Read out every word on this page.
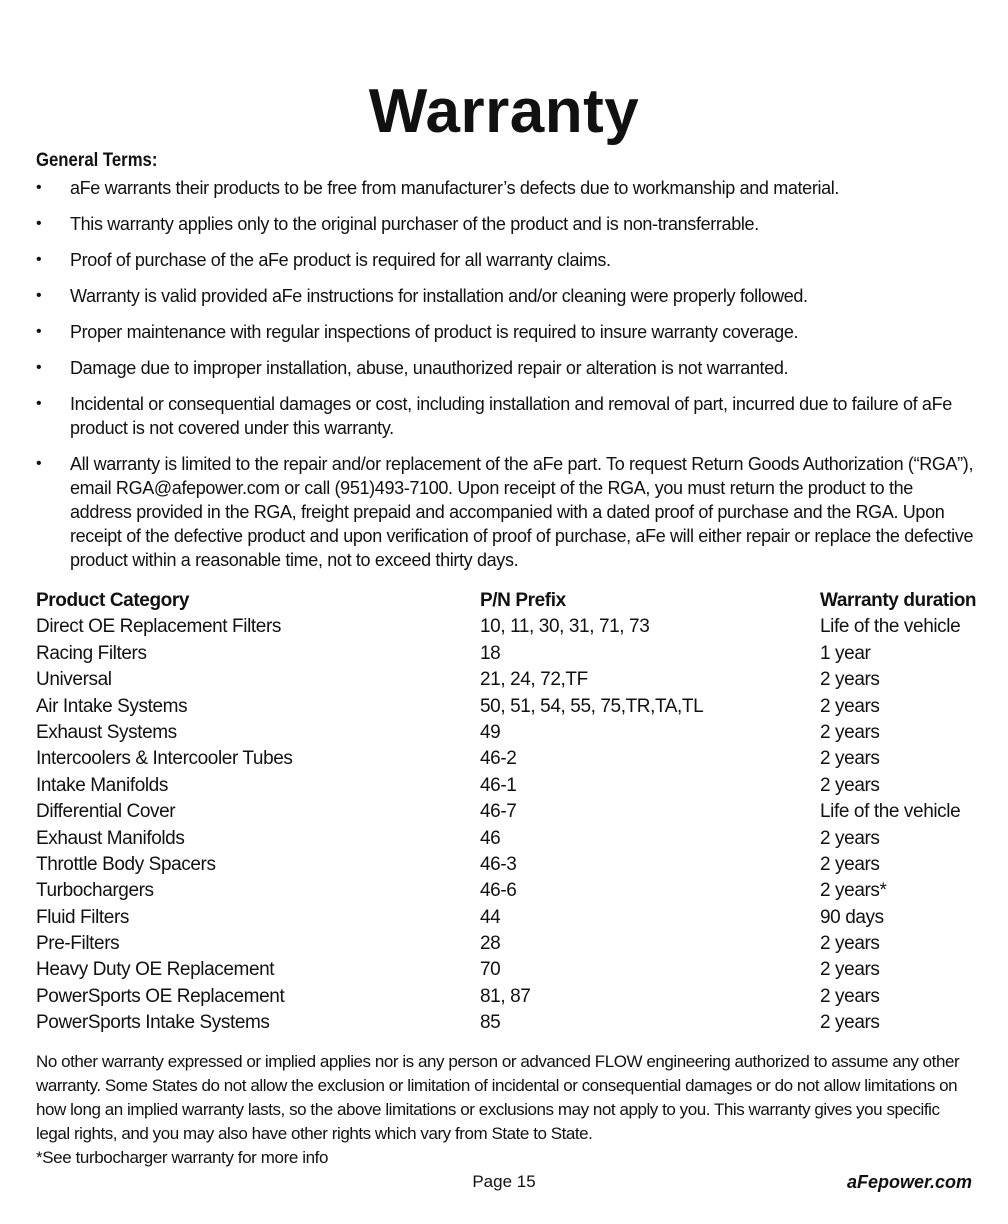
Warranty
General Terms:
• aFe warrants their products to be free from manufacturer’s defects due to workmanship and material.
• This warranty applies only to the original purchaser of the product and is non-transferrable.
• Proof of purchase of the aFe product is required for all warranty claims.
• Warranty is valid provided aFe instructions for installation and/or cleaning were properly followed.
• Proper maintenance with regular inspections of product is required to insure warranty coverage.
• Damage due to improper installation, abuse, unauthorized repair or alteration is not warranted.
• Incidental or consequential damages or cost, including installation and removal of part, incurred due to failure of aFe product is not covered under this warranty.
• All warranty is limited to the repair and/or replacement of the aFe part. To request Return Goods Authorization (“RGA”), email RGA@afepower.com or call (951)493-7100. Upon receipt of the RGA, you must return the product to the address provided in the RGA, freight prepaid and accompanied with a dated proof of purchase and the RGA. Upon receipt of the defective product and upon verification of proof of purchase, aFe will either repair or replace the defective product within a reasonable time, not to exceed thirty days.
Product Category	P/N Prefix	Warranty duration
Direct OE Replacement Filters	10, 11, 30, 31, 71, 73	Life of the vehicle
Racing Filters	18	1 year
Universal	21, 24, 72,TF	2 years
Air Intake Systems	50, 51, 54, 55, 75,TR,TA,TL	2 years
Exhaust Systems	49	2 years
Intercoolers & Intercooler Tubes	46-2	2 years
Intake Manifolds	46-1	2 years
Differential Cover	46-7	Life of the vehicle
Exhaust Manifolds	46	2 years
Throttle Body Spacers	46-3	2 years
Turbochargers	46-6	2 years*
Fluid Filters	44	90 days
Pre-Filters	28	2 years
Heavy Duty OE Replacement	70	2 years
PowerSports OE Replacement	81, 87	2 years
PowerSports Intake Systems	85	2 years
No other warranty expressed or implied applies nor is any person or advanced FLOW engineering authorized to assume any other warranty. Some States do not allow the exclusion or limitation of incidental or consequential damages or do not allow limitations on how long an implied warranty lasts, so the above limitations or exclusions may not apply to you. This warranty gives you specific legal rights, and you may also have other rights which vary from State to State.
*See turbocharger warranty for more info
Page 15	aFepower.com
